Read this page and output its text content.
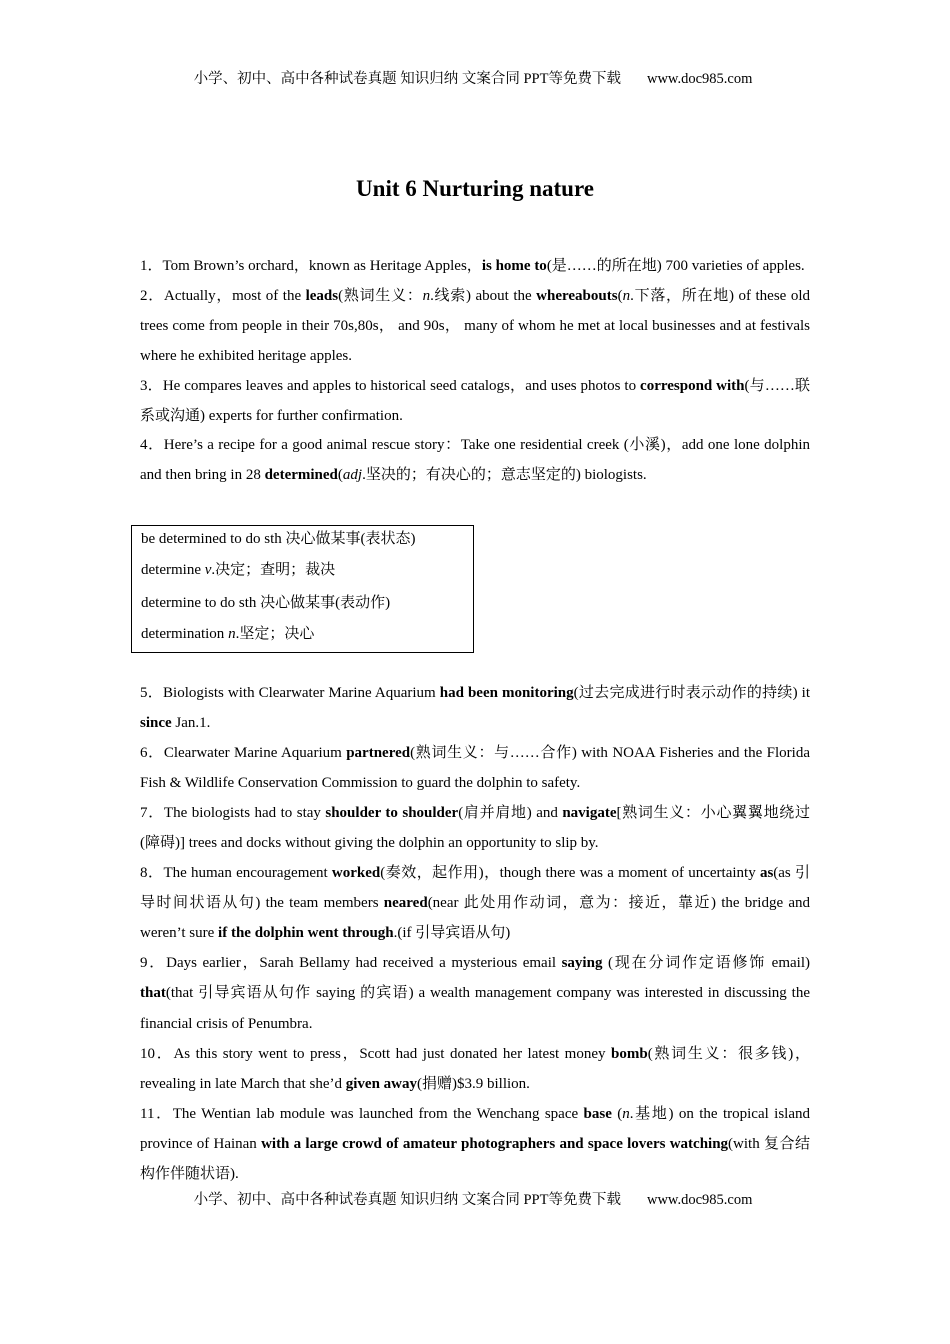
小学、初中、高中各种试卷真题 知识归纳 文案合同 PPT等免费下载 www.doc985.com
Unit 6 Nurturing nature

1．Tom Brown’s orchard，known as Heritage Apples，is home to(是……的所在地) 700 varieties of apples.

2．Actually，most of the leads(熟词生义：n.线索) about the whereabouts(n.下落，所在地) of these old trees come from people in their 70s,80s， and 90s， many of whom he met at local businesses and at festivals where he exhibited heritage apples.

3．He compares leaves and apples to historical seed catalogs，and uses photos to correspond with(与……联系或沟通) experts for further confirmation.

4．Here’s a recipe for a good animal rescue story：Take one residential creek (小溪)，add one lone dolphin and then bring in 28 determined(adj.坚决的；有决心的；意志坚定的) biologists.

be determined to do sth 决心做某事(表状态)
determine v.决定；查明；裁决
determine to do sth 决心做某事(表动作)
determination n.坚定；决心

5．Biologists with Clearwater Marine Aquarium had been monitoring(过去完成进行时表示动作的持续) it since Jan.1.

6．Clearwater Marine Aquarium partnered(熟词生义：与……合作) with NOAA Fisheries and the Florida Fish & Wildlife Conservation Commission to guard the dolphin to safety.

7．The biologists had to stay shoulder to shoulder(肩并肩地) and navigate[熟词生义：小心翼翼地绕过(障碍)] trees and docks without giving the dolphin an opportunity to slip by.

8．The human encouragement worked(奏效，起作用)，though there was a moment of uncertainty as(as 引导时间状语从句) the team members neared(near 此处用作动词，意为：接近，靠近) the bridge and weren’t sure if the dolphin went through.(if 引导宾语从句)

9．Days earlier，Sarah Bellamy had received a mysterious email saying (现在分词作定语修饰 email) that(that 引导宾语从句作 saying 的宾语) a wealth management company was interested in discussing the financial crisis of Penumbra.

10．As this story went to press，Scott had just donated her latest money bomb(熟词生义：很多钱)，revealing in late March that she’d given away(捐赠)$3.9 billion.

11．The Wentian lab module was launched from the Wenchang space base (n.基地) on the tropical island province of Hainan with a large crowd of amateur photographers and space lovers watching(with 复合结构作伴随状语).

小学、初中、高中各种试卷真题 知识归纳 文案合同 PPT等免费下载 www.doc985.com
